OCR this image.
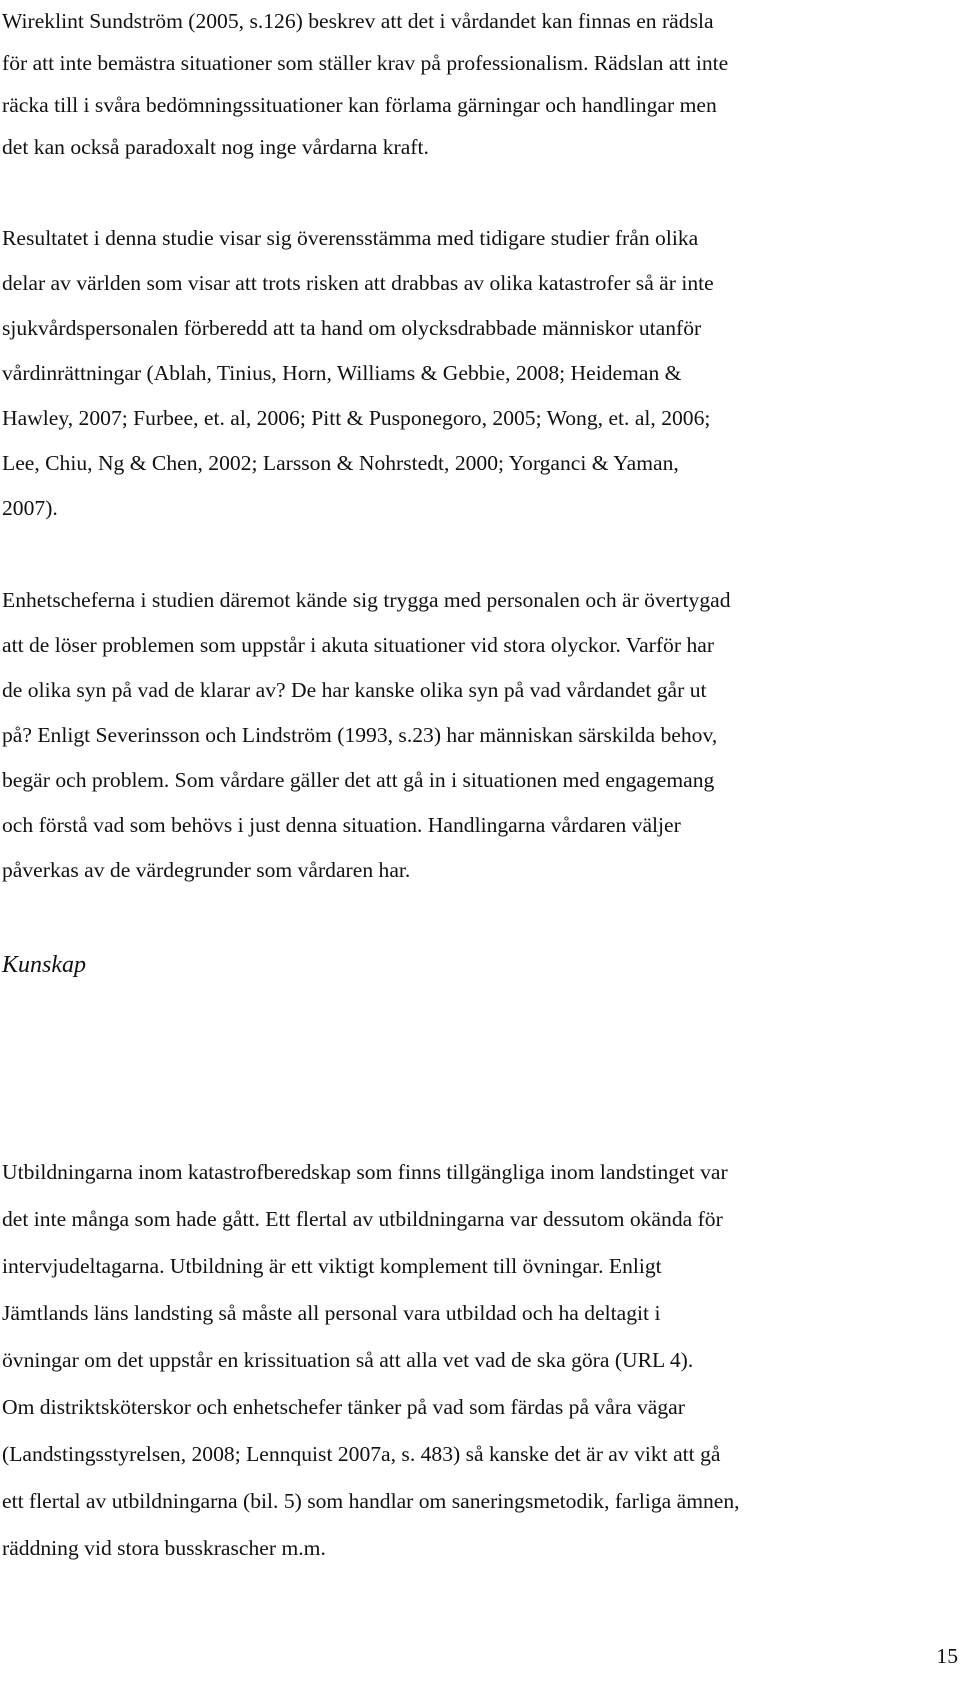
Wireklint Sundström (2005, s.126) beskrev att det i vårdandet kan finnas en rädsla
för att inte bemästra situationer som ställer krav på professionalism. Rädslan att inte
räcka till i svåra bedömningssituationer kan förlama gärningar och handlingar men
det kan också paradoxalt nog inge vårdarna kraft.
Resultatet i denna studie visar sig överensstämma med tidigare studier från olika
delar av världen som visar att trots risken att drabbas av olika katastrofer så är inte
sjukvårdspersonalen förberedd att ta hand om olycksdrabbade människor utanför
vårdinrättningar (Ablah, Tinius, Horn, Williams & Gebbie, 2008; Heideman &
Hawley, 2007; Furbee, et. al, 2006; Pitt & Pusponegoro, 2005; Wong, et. al, 2006;
Lee, Chiu, Ng & Chen, 2002; Larsson & Nohrstedt, 2000; Yorganci & Yaman,
2007).
Enhetscheferna i studien däremot kände sig trygga med personalen och är övertygad
att de löser problemen som uppstår i akuta situationer vid stora olyckor. Varför har
de olika syn på vad de klarar av? De har kanske olika syn på vad vårdandet går ut
på? Enligt Severinsson och Lindström (1993, s.23) har människan särskilda behov,
begär och problem. Som vårdare gäller det att gå in i situationen med engagemang
och förstå vad som behövs i just denna situation. Handlingarna vårdaren väljer
påverkas av de värdegrunder som vårdaren har.
Kunskap
Utbildningarna inom katastrofberedskap som finns tillgängliga inom landstinget var
det inte många som hade gått. Ett flertal av utbildningarna var dessutom okända för
intervjudeltagarna. Utbildning är ett viktigt komplement till övningar. Enligt
Jämtlands läns landsting så måste all personal vara utbildad och ha deltagit i
övningar om det uppstår en krissituation så att alla vet vad de ska göra (URL 4).
Om distriktsköterskor och enhetschefer tänker på vad som färdas på våra vägar
(Landstingsstyrelsen, 2008; Lennquist 2007a, s. 483) så kanske det är av vikt att gå
ett flertal av utbildningarna (bil. 5) som handlar om saneringsmetodik, farliga ämnen,
räddning vid stora busskrascher m.m.
15
